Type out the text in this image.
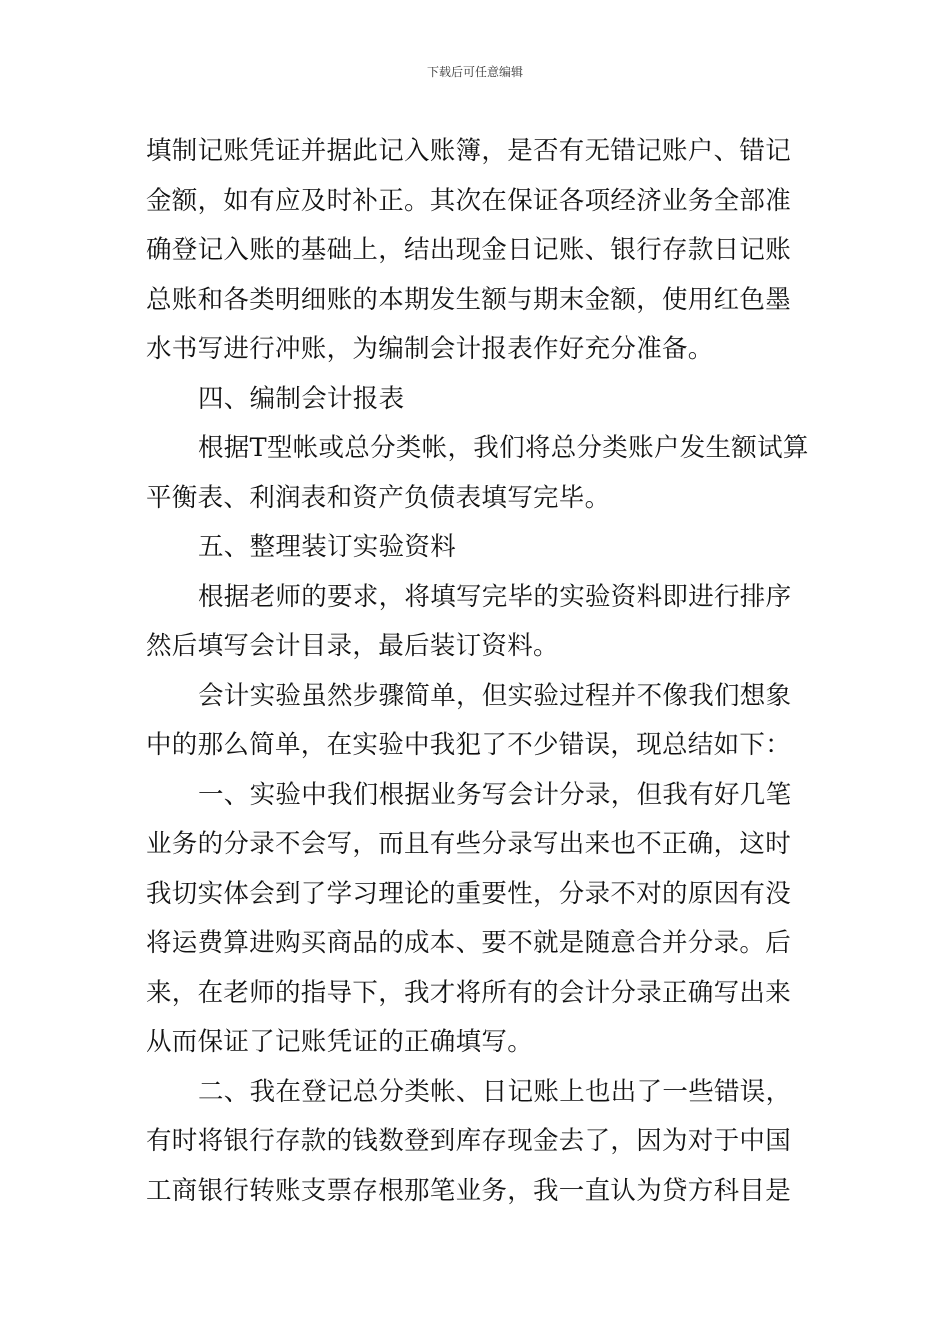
下载后可任意编辑
填制记账凭证并据此记入账簿，是否有无错记账户、错记
金额，如有应及时补正。其次在保证各项经济业务全部准
确登记入账的基础上，结出现金日记账、银行存款日记账
总账和各类明细账的本期发生额与期末金额，使用红色墨
水书写进行冲账，为编制会计报表作好充分准备。
四、编制会计报表
根据T型帐或总分类帐，我们将总分类账户发生额试算
平衡表、利润表和资产负债表填写完毕。
五、整理装订实验资料
根据老师的要求，将填写完毕的实验资料即进行排序
然后填写会计目录，最后装订资料。
会计实验虽然步骤简单，但实验过程并不像我们想象
中的那么简单，在实验中我犯了不少错误，现总结如下：
一、实验中我们根据业务写会计分录，但我有好几笔
业务的分录不会写，而且有些分录写出来也不正确，这时
我切实体会到了学习理论的重要性，分录不对的原因有没
将运费算进购买商品的成本、要不就是随意合并分录。后
来，在老师的指导下，我才将所有的会计分录正确写出来
从而保证了记账凭证的正确填写。
二、我在登记总分类帐、日记账上也出了一些错误，
有时将银行存款的钱数登到库存现金去了，因为对于中国
工商银行转账支票存根那笔业务，我一直认为贷方科目是
